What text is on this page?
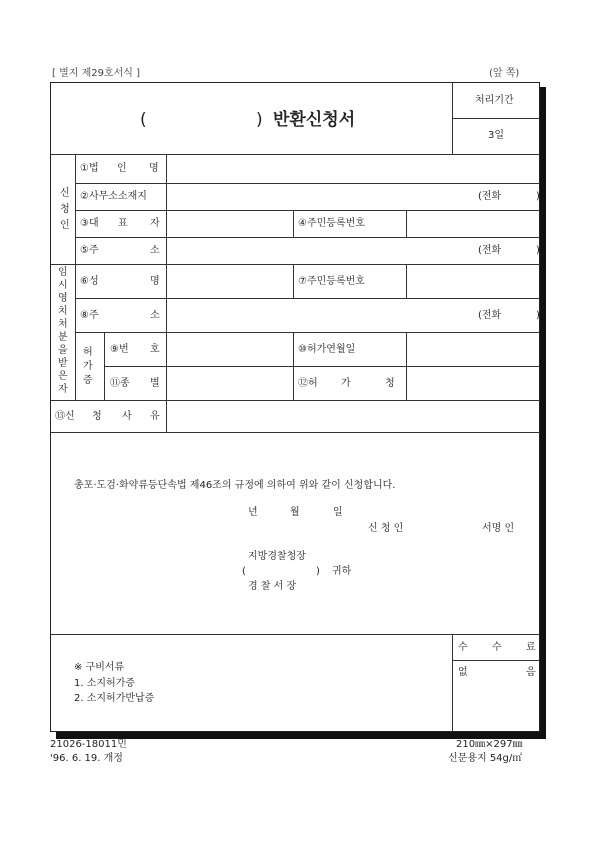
[ 별지 제29호서식 ]	(앞 쪽)
(	) 반환신청서
처리기간
3일
신
청
인
①법 인 명
②사무소소재지	(전화	)
③대 표 자	④주민등록번호
⑤주	소	(전화	)
임
시
영
치
처
분
을
받
은
자
⑥성	명	⑦주민등록번호
⑧주	소	(전화	)
허
가
증
⑨번 호	⑩허가연월일
⑪종 별	⑫허 가	청
⑬신 청 사 유
총포·도검·화약류등단속법 제46조의 규정에 의하여 위와 같이 신청합니다.
년	월	일
신 청 인	서명 인
지방경찰청장
(	) 귀하
경 찰 서 장
수 수 료
없	음
※ 구비서류
1. 소지허가증
2. 소지허가반납증
21026-18011민
'96. 6. 19. 개정
210㎜×297㎜
신문용지 54g/㎡
